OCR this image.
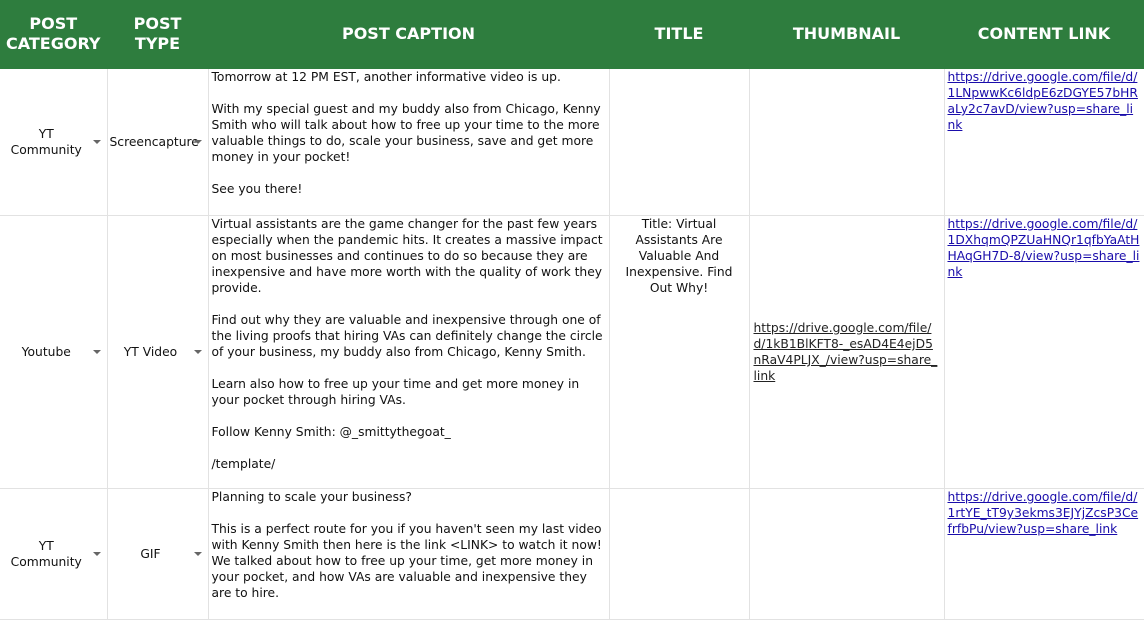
POST CATEGORY	POST TYPE	POST CAPTION	TITLE	THUMBNAIL	CONTENT LINK
YT Community	Screencapture	Tomorrow at 12 PM EST, another informative video is up.

With my special guest and my buddy also from Chicago, Kenny Smith who will talk about how to free up your time to the more valuable things to do, scale your business, save and get more money in your pocket!

See you there!			https://drive.google.com/file/d/1LNpwwKc6ldpE6zDGYE57bHRaLy2c7avD/view?usp=share_link
Youtube	YT Video	Virtual assistants are the game changer for the past few years especially when the pandemic hits. It creates a massive impact on most businesses and continues to do so because they are inexpensive and have more worth with the quality of work they provide.

Find out why they are valuable and inexpensive through one of the living proofs that hiring VAs can definitely change the circle of your business, my buddy also from Chicago, Kenny Smith.

Learn also how to free up your time and get more money in your pocket through hiring VAs.

Follow Kenny Smith: @_smittythegoat_

/template/	Title: Virtual Assistants Are Valuable And Inexpensive. Find Out Why!	https://drive.google.com/file/d/1kB1BlKFT8-_esAD4E4ejD5nRaV4PLJX_/view?usp=share_link	https://drive.google.com/file/d/1DXhqmQPZUaHNQr1qfbYaAtHHAqGH7D-8/view?usp=share_link
YT Community	GIF	Planning to scale your business?

This is a perfect route for you if you haven't seen my last video with Kenny Smith then here is the link <LINK> to watch it now! We talked about how to free up your time, get more money in your pocket, and how VAs are valuable and inexpensive they are to hire.			https://drive.google.com/file/d/1rtYE_tT9y3ekms3EJYjZcsP3CefrfbPu/view?usp=share_link
